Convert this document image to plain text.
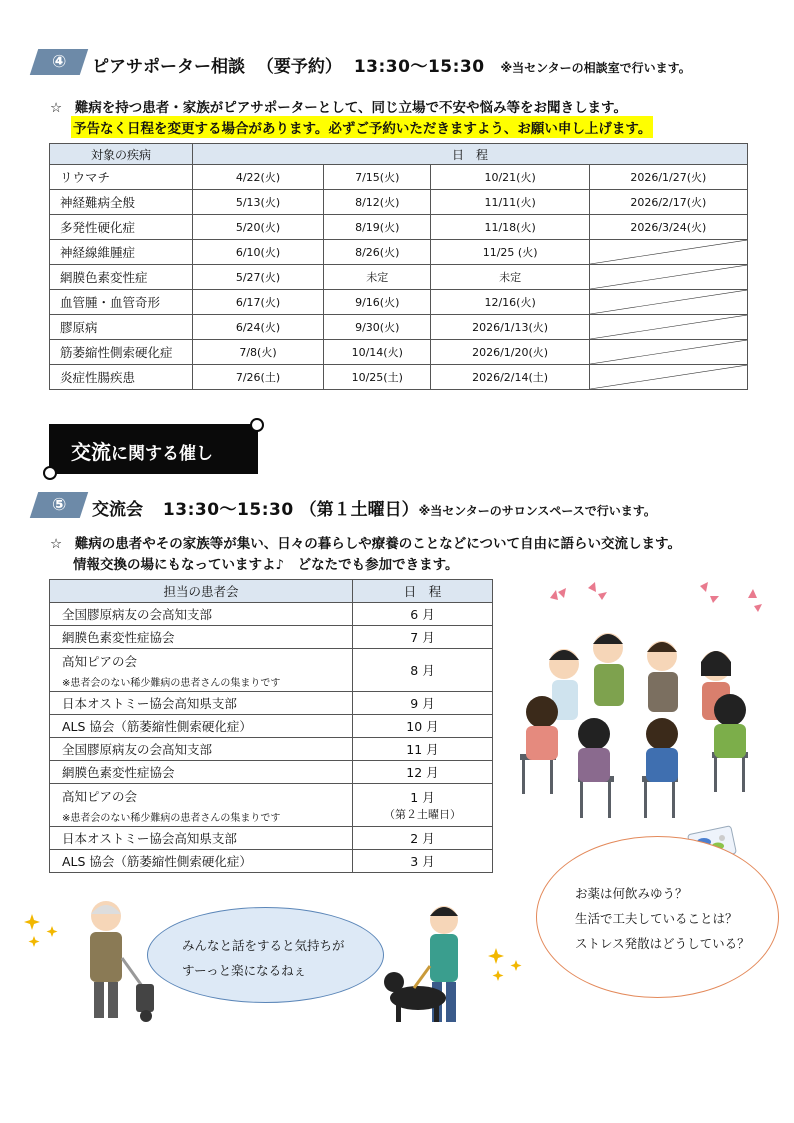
④ ピアサポーター相談 （要予約） 13:30～15:30 ※当センターの相談室で行います。
☆ 難病を持つ患者・家族がピアサポーターとして、同じ立場で不安や悩み等をお聞きします。
予告なく日程を変更する場合があります。必ずご予約いただきますよう、お願い申し上げます。
対象の疾病	日　程			
リウマチ	4/22(火)	7/15(火)	10/21(火)	2026/1/27(火)
神経難病全般	5/13(火)	8/12(火)	11/11(火)	2026/2/17(火)
多発性硬化症	5/20(火)	8/19(火)	11/18(火)	2026/3/24(火)
神経線維腫症	6/10(火)	8/26(火)	11/25 (火)	

網膜色素変性症	5/27(火)	未定	未定	

血管腫・血管奇形	6/17(火)	9/16(火)	12/16(火)	

膠原病	6/24(火)	9/30(火)	2026/1/13(火)	

筋萎縮性側索硬化症	7/8(火)	10/14(火)	2026/1/20(火)	

炎症性腸疾患	7/26(土)	10/25(土)	2026/2/14(土)	
交流に関する催し
⑤ 交流会 13:30～15:30 （第１土曜日）※当センターのサロンスペースで行います。
☆ 難病の患者やその家族等が集い、日々の暮らしや療養のことなどについて自由に語らい交流します。
情報交換の場にもなっていますよ♪　どなたでも参加できます。
担当の患者会	日　程
全国膠原病友の会高知支部	6 月
網膜色素変性症協会	7 月
高知ピアの会
※患者会のない稀少難病の患者さんの集まりです	8 月
日本オストミー協会高知県支部	9 月
ALS 協会（筋萎縮性側索硬化症）	10 月
全国膠原病友の会高知支部	11 月
網膜色素変性症協会	12 月
高知ピアの会
※患者会のない稀少難病の患者さんの集まりです	1 月
（第２土曜日）

日本オストミー協会高知県支部	2 月
ALS 協会（筋萎縮性側索硬化症）	3 月
お薬は何飲みゆう？
生活で工夫していることは？
ストレス発散はどうしている？
みんなと話をすると気持ちが
すーっと楽になるねぇ
